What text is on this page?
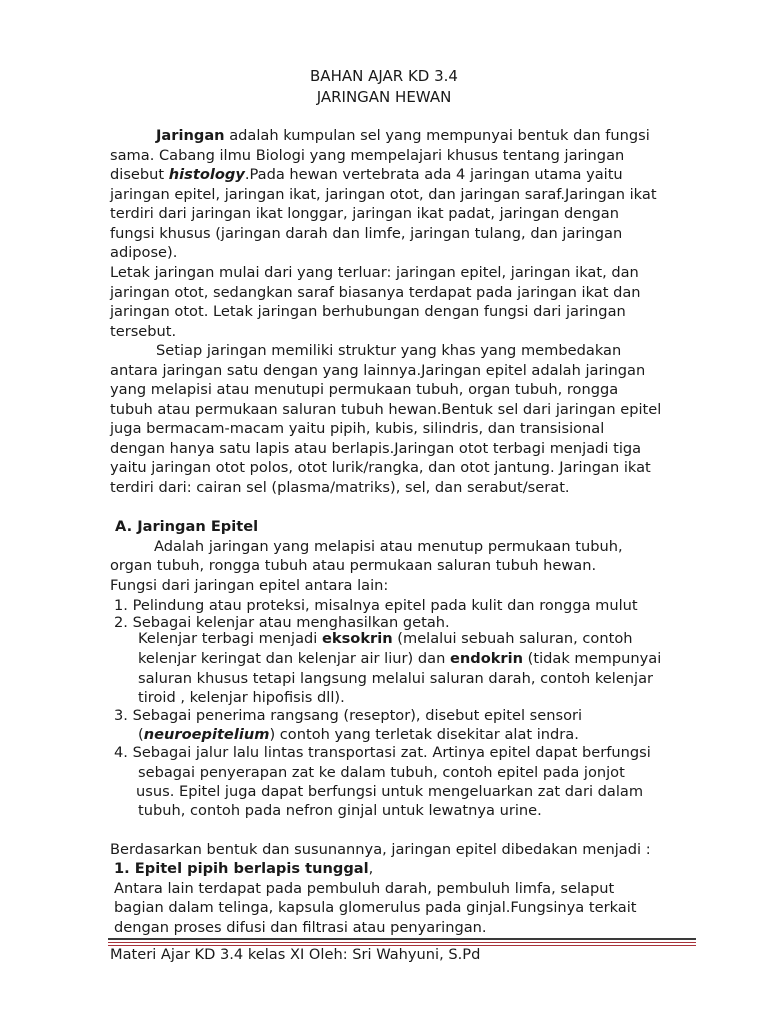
BAHAN AJAR KD 3.4
JARINGAN HEWAN
Jaringan adalah kumpulan sel yang mempunyai bentuk dan fungsi
sama. Cabang ilmu Biologi yang mempelajari khusus tentang jaringan
disebut histology.Pada hewan vertebrata ada 4 jaringan utama yaitu
jaringan epitel, jaringan ikat, jaringan otot, dan jaringan saraf.Jaringan ikat
terdiri dari jaringan ikat longgar, jaringan ikat padat, jaringan dengan
fungsi khusus (jaringan darah dan limfe, jaringan tulang, dan jaringan
adipose).
Letak jaringan mulai dari yang terluar: jaringan epitel, jaringan ikat, dan
jaringan otot, sedangkan saraf biasanya terdapat pada jaringan ikat dan
jaringan otot. Letak jaringan berhubungan dengan fungsi dari jaringan
tersebut.
Setiap jaringan memiliki struktur yang khas yang membedakan
antara jaringan satu dengan yang lainnya.Jaringan epitel adalah jaringan
yang melapisi atau menutupi permukaan tubuh, organ tubuh, rongga
tubuh atau permukaan saluran tubuh hewan.Bentuk sel dari jaringan epitel
juga bermacam-macam yaitu pipih, kubis, silindris, dan transisional
dengan hanya satu lapis atau berlapis.Jaringan otot terbagi menjadi tiga
yaitu jaringan otot polos, otot lurik/rangka, dan otot jantung. Jaringan ikat
terdiri dari: cairan sel (plasma/matriks), sel, dan serabut/serat.
A. Jaringan Epitel
Adalah jaringan yang melapisi atau menutup permukaan tubuh,
organ tubuh, rongga tubuh atau permukaan saluran tubuh hewan.
Fungsi dari jaringan epitel antara lain:
1. Pelindung atau proteksi, misalnya epitel pada kulit dan rongga mulut
2. Sebagai kelenjar atau menghasilkan getah.
Kelenjar terbagi menjadi eksokrin (melalui sebuah saluran, contoh
kelenjar keringat dan kelenjar air liur) dan endokrin (tidak mempunyai
saluran khusus tetapi langsung melalui saluran darah, contoh kelenjar
tiroid , kelenjar hipofisis dll).
3. Sebagai penerima rangsang (reseptor), disebut epitel sensori
(neuroepitelium) contoh yang terletak disekitar alat indra.
4. Sebagai jalur lalu lintas transportasi zat. Artinya epitel dapat berfungsi
sebagai penyerapan zat ke dalam tubuh, contoh epitel pada jonjot
usus. Epitel juga dapat berfungsi untuk mengeluarkan zat dari dalam
tubuh, contoh pada nefron ginjal untuk lewatnya urine.
Berdasarkan bentuk dan susunannya, jaringan epitel dibedakan menjadi :
1. Epitel pipih berlapis tunggal,
Antara lain terdapat pada pembuluh darah, pembuluh limfa, selaput
bagian dalam telinga, kapsula glomerulus pada ginjal.Fungsinya terkait
dengan proses difusi dan filtrasi atau penyaringan.
Materi Ajar KD 3.4 kelas XI Oleh: Sri Wahyuni, S.Pd
